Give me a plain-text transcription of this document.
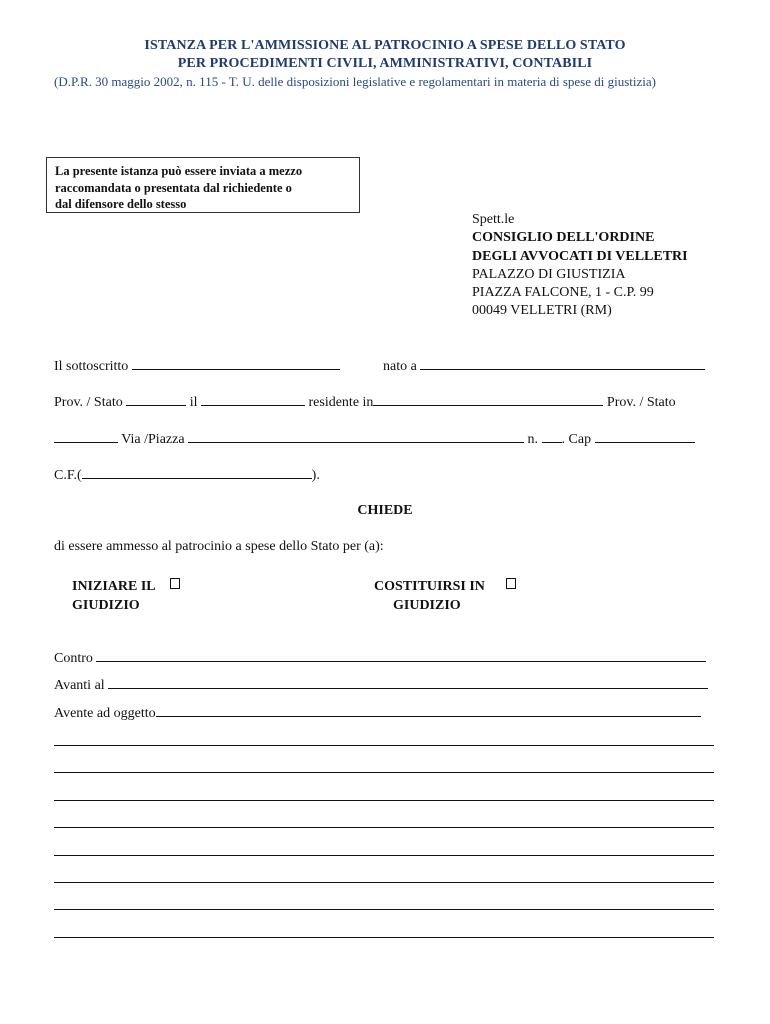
ISTANZA PER L'AMMISSIONE AL PATROCINIO A SPESE DELLO STATO
PER PROCEDIMENTI CIVILI, AMMINISTRATIVI, CONTABILI
(D.P.R. 30 maggio 2002, n. 115 - T. U. delle disposizioni legislative e regolamentari in materia di spese di giustizia)
La presente istanza può essere inviata a mezzo
raccomandata o presentata dal richiedente o
dal difensore dello stesso
Spett.le
CONSIGLIO DELL'ORDINE
DEGLI AVVOCATI DI VELLETRI
PALAZZO DI GIUSTIZIA
PIAZZA FALCONE, 1 - C.P. 99
00049 VELLETRI (RM)
Il sottoscritto	nato a
Prov. / Stato	il	residente in	Prov. / Stato
Via /Piazza	n. . Cap
C.F.(	).
CHIEDE
di essere ammesso al patrocinio a spese dello Stato per (a):
INIZIARE IL
GIUDIZIO
COSTITUIRSI IN
GIUDIZIO
Contro
Avanti al
Avente ad oggetto
